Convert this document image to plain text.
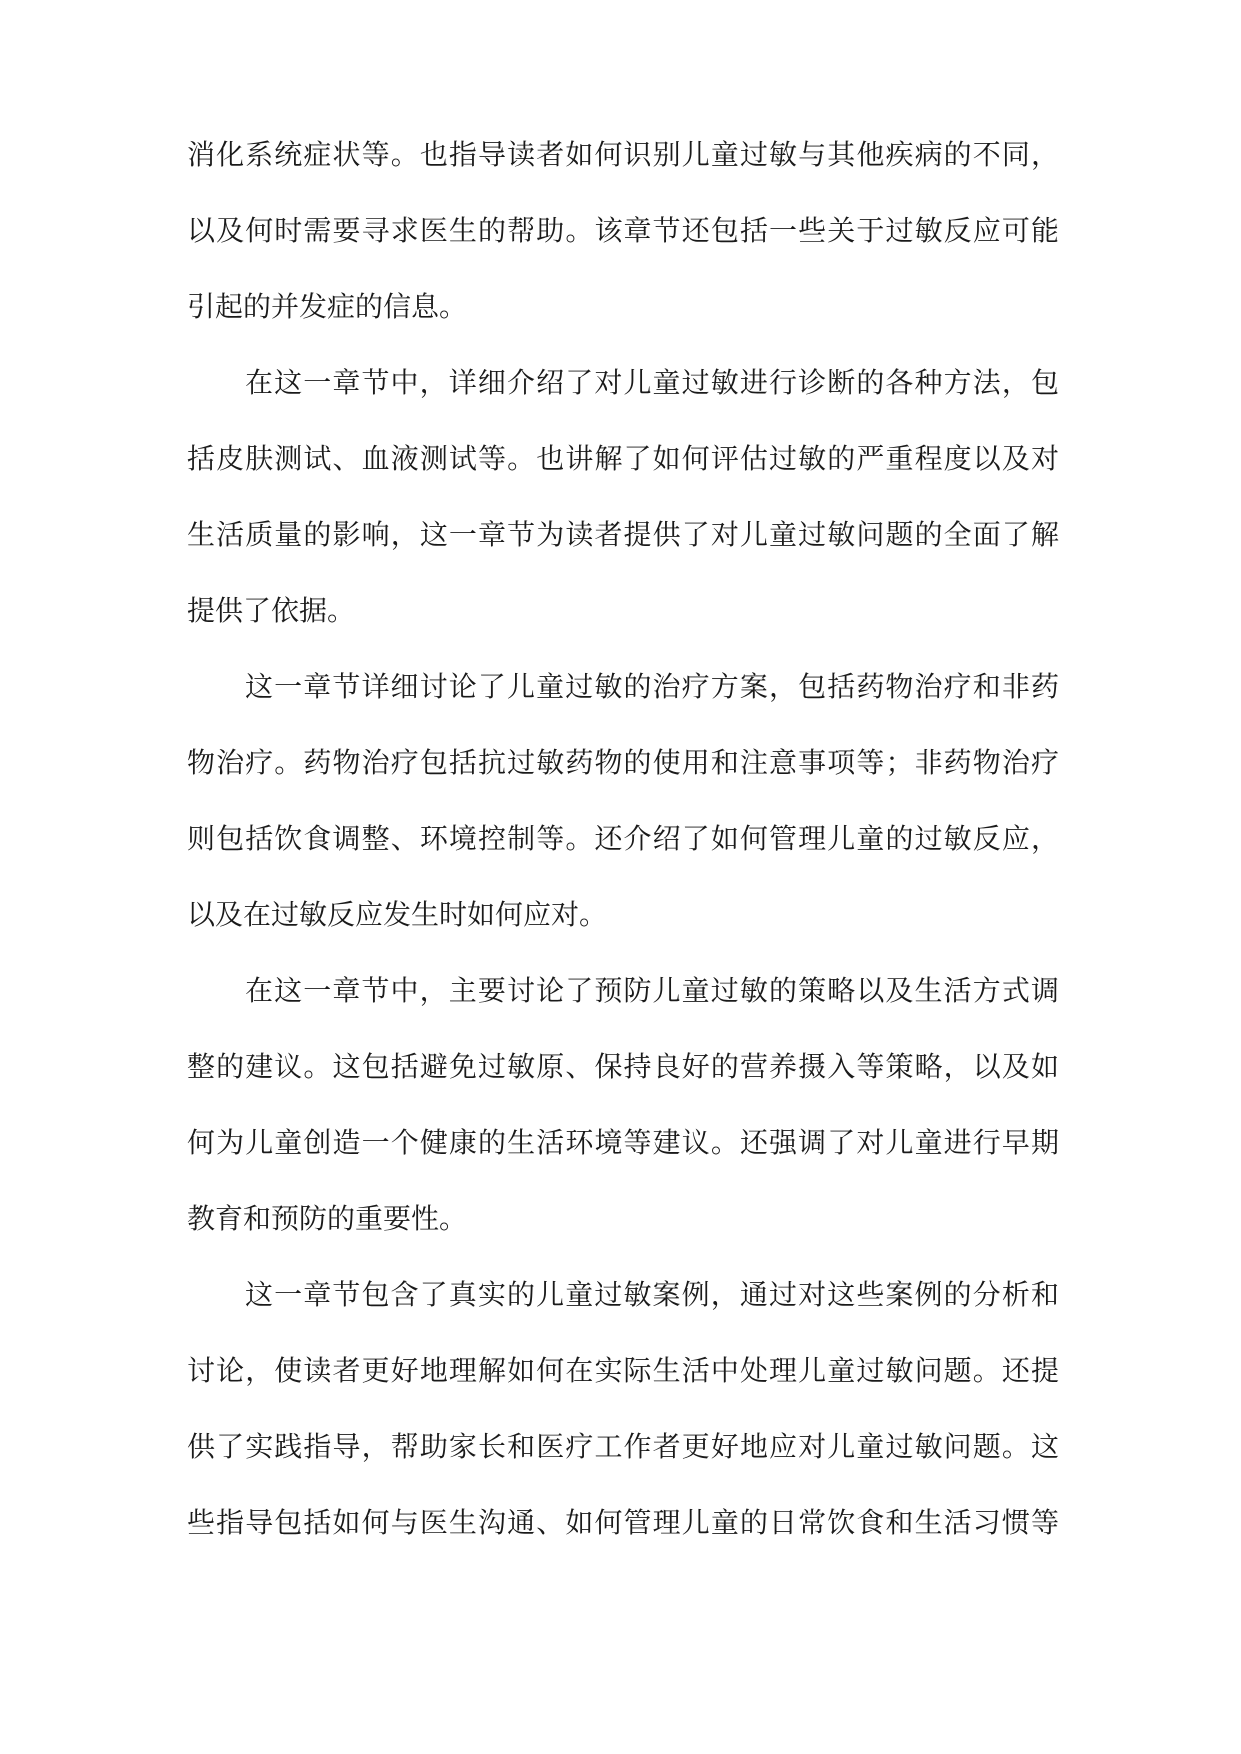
消化系统症状等。也指导读者如何识别儿童过敏与其他疾病的不同，
以及何时需要寻求医生的帮助。该章节还包括一些关于过敏反应可能
引起的并发症的信息。
在这一章节中，详细介绍了对儿童过敏进行诊断的各种方法，包
括皮肤测试、血液测试等。也讲解了如何评估过敏的严重程度以及对
生活质量的影响，这一章节为读者提供了对儿童过敏问题的全面了解
提供了依据。
这一章节详细讨论了儿童过敏的治疗方案，包括药物治疗和非药
物治疗。药物治疗包括抗过敏药物的使用和注意事项等；非药物治疗
则包括饮食调整、环境控制等。还介绍了如何管理儿童的过敏反应，
以及在过敏反应发生时如何应对。
在这一章节中，主要讨论了预防儿童过敏的策略以及生活方式调
整的建议。这包括避免过敏原、保持良好的营养摄入等策略，以及如
何为儿童创造一个健康的生活环境等建议。还强调了对儿童进行早期
教育和预防的重要性。
这一章节包含了真实的儿童过敏案例，通过对这些案例的分析和
讨论，使读者更好地理解如何在实际生活中处理儿童过敏问题。还提
供了实践指导，帮助家长和医疗工作者更好地应对儿童过敏问题。这
些指导包括如何与医生沟通、如何管理儿童的日常饮食和生活习惯等
